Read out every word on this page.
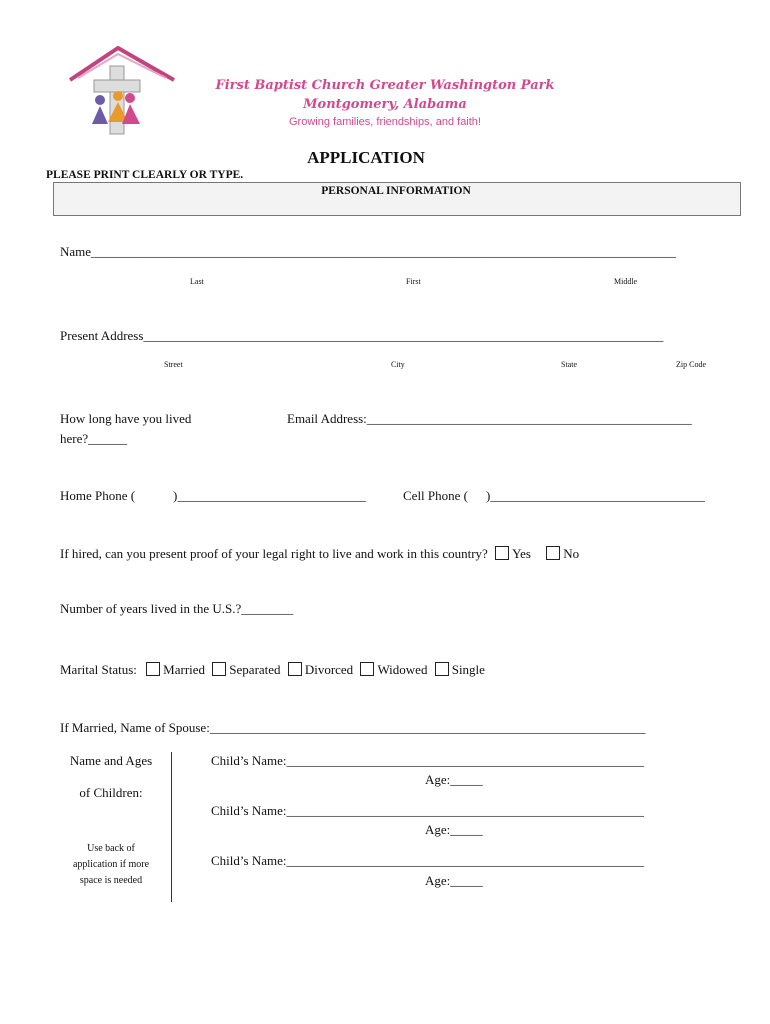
First Baptist Church Greater Washington Park
Montgomery, Alabama
Growing families, friendships, and faith!
APPLICATION
PLEASE PRINT CLEARLY OR TYPE.
PERSONAL INFORMATION
Name__________________________________________________________________________________________
Last	First	Middle
Present Address________________________________________________________________________________
Street	City	State	Zip Code
How long have you lived
here?______
Email Address:__________________________________________________
Home Phone (	)_____________________________	Cell Phone ( )_________________________________
If hired, can you present proof of your legal right to live and work in this country? Yes No
Number of years lived in the U.S.?________
Marital Status: Married Separated Divorced Widowed Single
If Married, Name of Spouse:___________________________________________________________________
Name and Ages
of Children:
Use back of
application if more
space is needed
Child’s Name:_______________________________________________________
Age:_____
Child’s Name:_______________________________________________________
Age:_____
Child’s Name:_______________________________________________________
Age:_____
